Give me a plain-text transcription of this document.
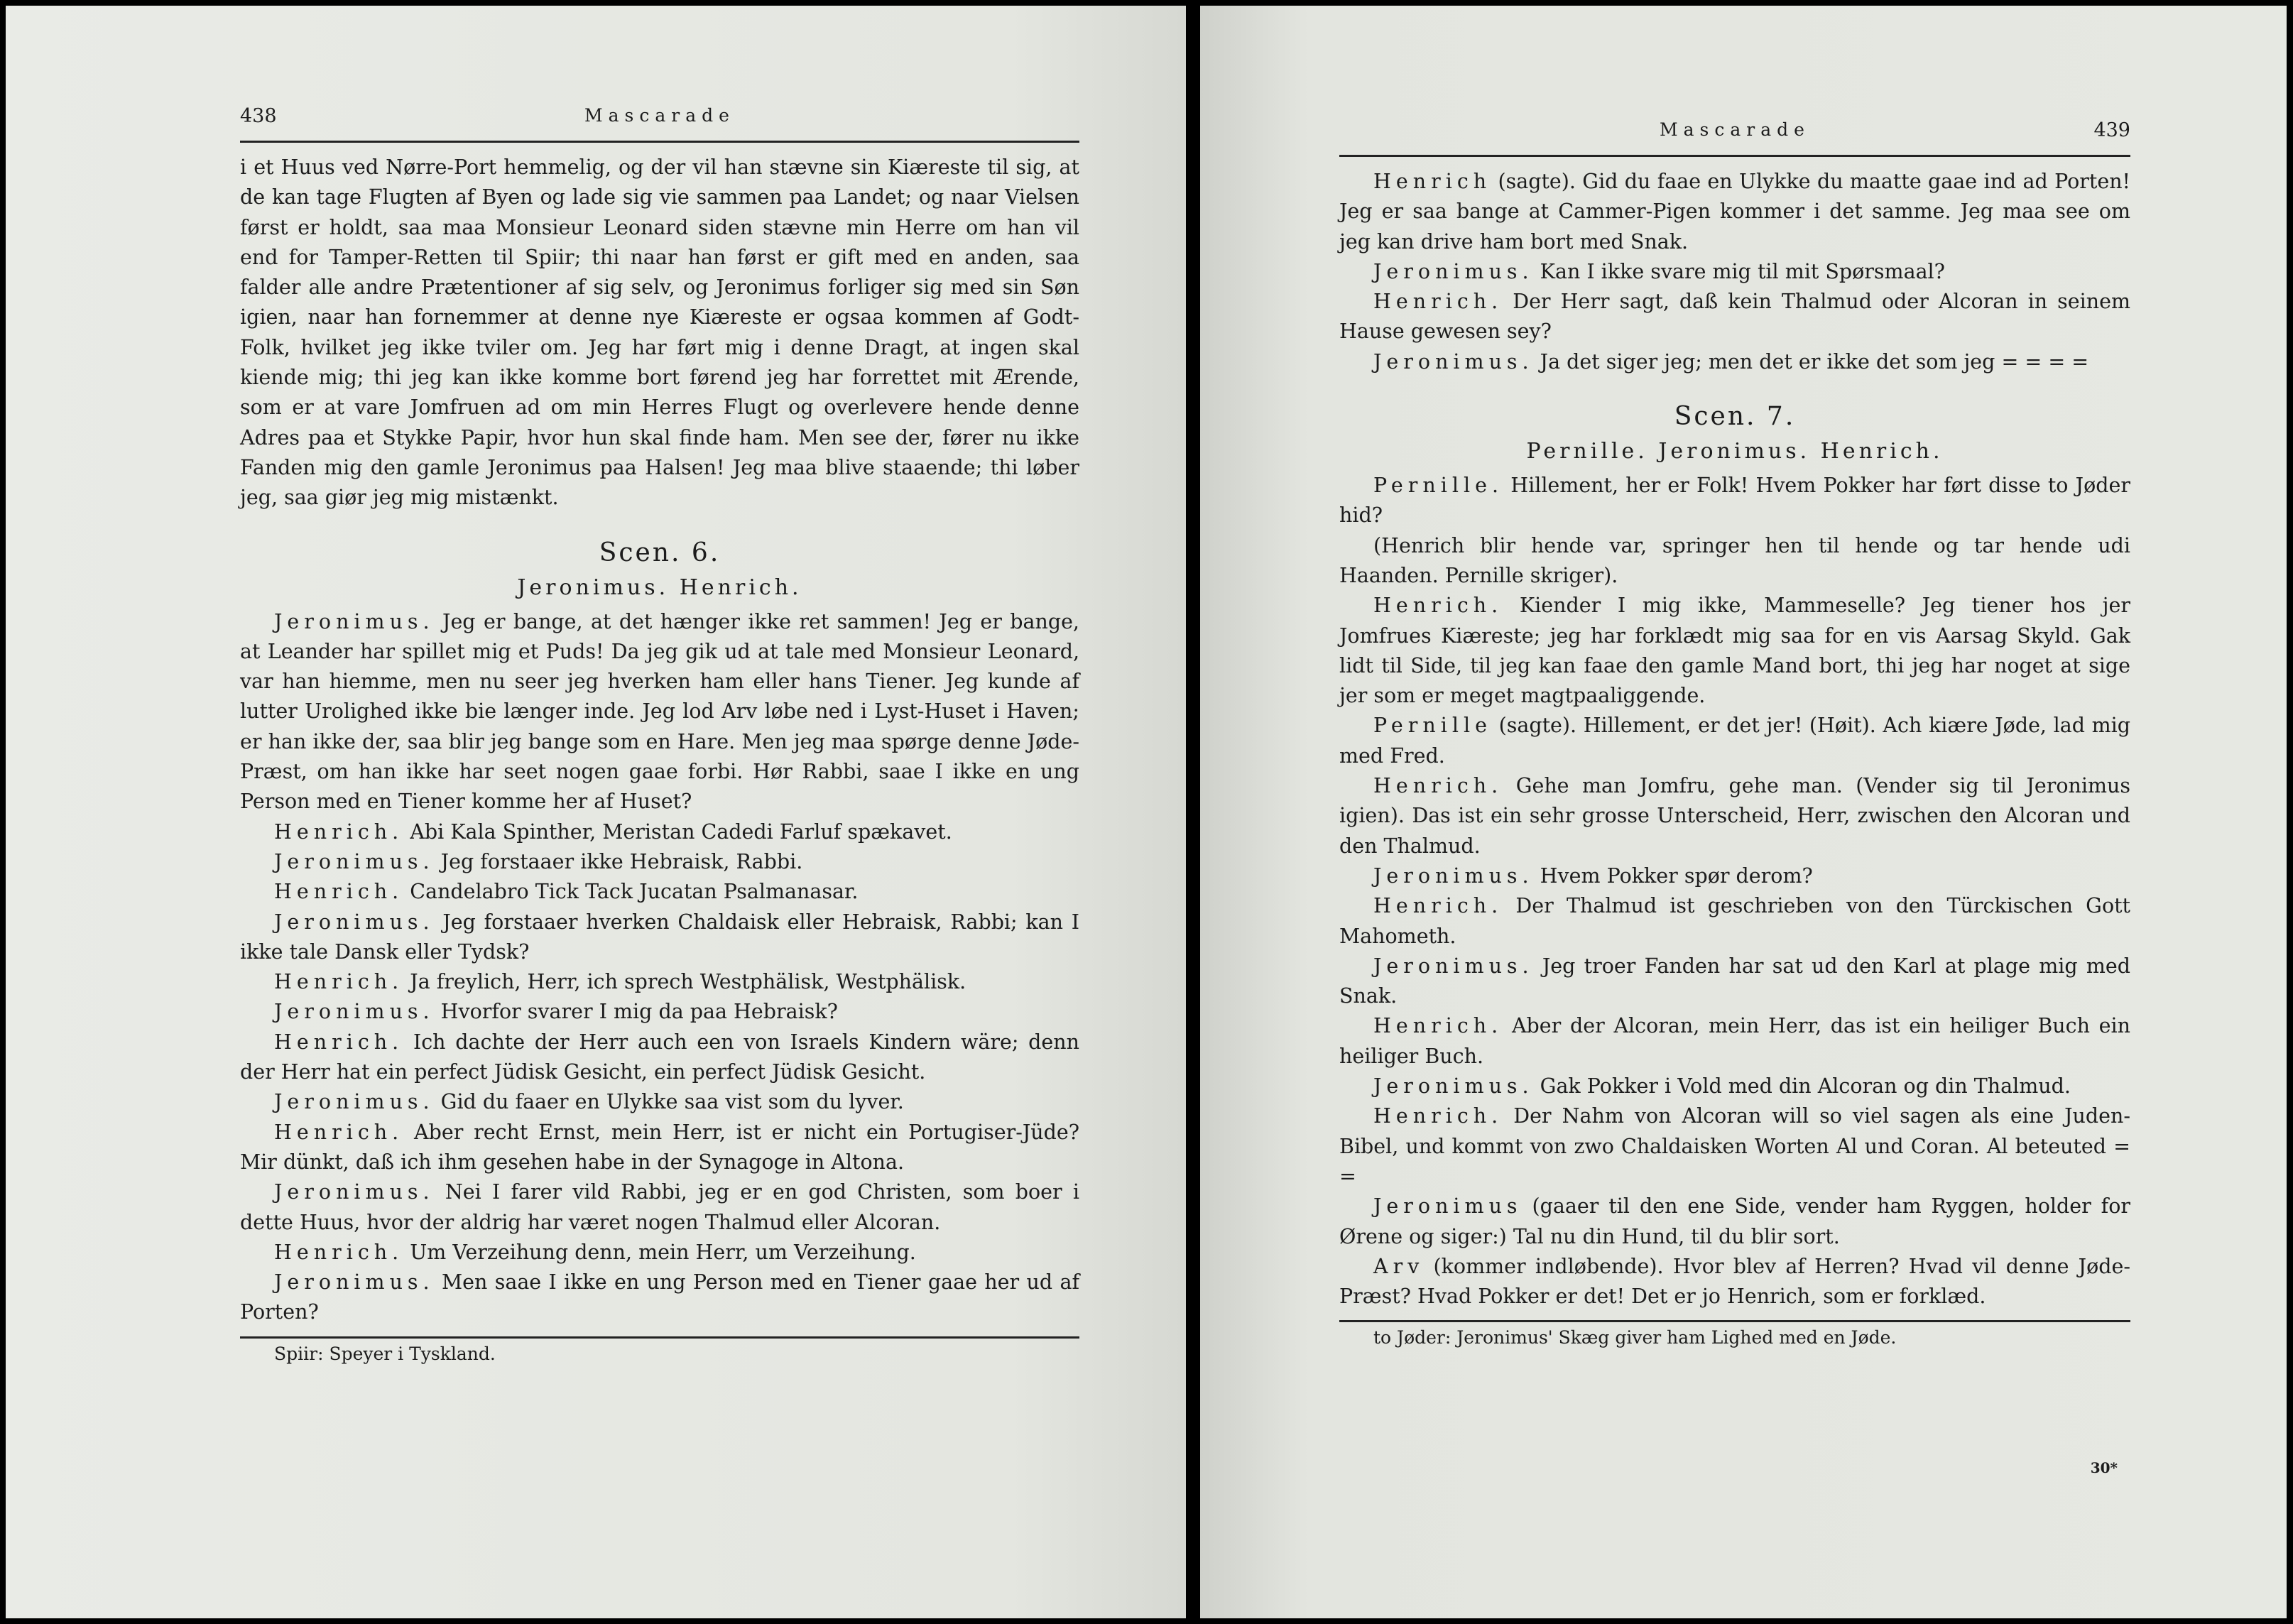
438	Mascarade

i et Huus ved Nørre-Port hemmelig, og der vil han stævne sin Kiæreste til sig, at de kan tage Flugten af Byen og lade sig vie sammen paa Landet; og naar Vielsen først er holdt, saa maa Monsieur Leonard siden stævne min Herre om han vil end for Tamper-Retten til Spiir; thi naar han først er gift med en anden, saa falder alle andre Prætentioner af sig selv, og Jeronimus forliger sig med sin Søn igien, naar han fornemmer at denne nye Kiæreste er ogsaa kommen af Godt-Folk, hvilket jeg ikke tviler om. Jeg har ført mig i denne Dragt, at ingen skal kiende mig; thi jeg kan ikke komme bort førend jeg har forrettet mit Ærende, som er at vare Jomfruen ad om min Herres Flugt og overlevere hende denne Adres paa et Stykke Papir, hvor hun skal finde ham. Men see der, fører nu ikke Fanden mig den gamle Jeronimus paa Halsen! Jeg maa blive staaende; thi løber jeg, saa giør jeg mig mistænkt.

Scen. 6.
Jeronimus. Henrich.

Jeronimus. Jeg er bange, at det hænger ikke ret sammen! Jeg er bange, at Leander har spillet mig et Puds! Da jeg gik ud at tale med Monsieur Leonard, var han hiemme, men nu seer jeg hverken ham eller hans Tiener. Jeg kunde af lutter Urolighed ikke bie længer inde. Jeg lod Arv løbe ned i Lyst-Huset i Haven; er han ikke der, saa blir jeg bange som en Hare. Men jeg maa spørge denne Jøde-Præst, om han ikke har seet nogen gaae forbi. Hør Rabbi, saae I ikke en ung Person med en Tiener komme her af Huset?

Henrich. Abi Kala Spinther, Meristan Cadedi Farluf spækavet.

Jeronimus. Jeg forstaaer ikke Hebraisk, Rabbi.

Henrich. Candelabro Tick Tack Jucatan Psalmanasar.

Jeronimus. Jeg forstaaer hverken Chaldaisk eller Hebraisk, Rabbi; kan I ikke tale Dansk eller Tydsk?

Henrich. Ja freylich, Herr, ich sprech Westphälisk, Westphälisk.

Jeronimus. Hvorfor svarer I mig da paa Hebraisk?

Henrich. Ich dachte der Herr auch een von Israels Kindern wäre; denn der Herr hat ein perfect Jüdisk Gesicht, ein perfect Jüdisk Gesicht.

Jeronimus. Gid du faaer en Ulykke saa vist som du lyver.

Henrich. Aber recht Ernst, mein Herr, ist er nicht ein Portugiser-Jüde? Mir dünkt, daß ich ihm gesehen habe in der Synagoge in Altona.

Jeronimus. Nei I farer vild Rabbi, jeg er en god Christen, som boer i dette Huus, hvor der aldrig har været nogen Thalmud eller Alcoran.

Henrich. Um Verzeihung denn, mein Herr, um Verzeihung.

Jeronimus. Men saae I ikke en ung Person med en Tiener gaae her ud af Porten?

Spiir: Speyer i Tyskland.
Mascarade	439

Henrich (sagte). Gid du faae en Ulykke du maatte gaae ind ad Porten! Jeg er saa bange at Cammer-Pigen kommer i det samme. Jeg maa see om jeg kan drive ham bort med Snak.

Jeronimus. Kan I ikke svare mig til mit Spørsmaal?

Henrich. Der Herr sagt, daß kein Thalmud oder Alcoran in seinem Hause gewesen sey?

Jeronimus. Ja det siger jeg; men det er ikke det som jeg = = = =

Scen. 7.
Pernille. Jeronimus. Henrich.

Pernille. Hillement, her er Folk! Hvem Pokker har ført disse to Jøder hid?

(Henrich blir hende var, springer hen til hende og tar hende udi Haanden. Pernille skriger).

Henrich. Kiender I mig ikke, Mammeselle? Jeg tiener hos jer Jomfrues Kiæreste; jeg har forklædt mig saa for en vis Aarsag Skyld. Gak lidt til Side, til jeg kan faae den gamle Mand bort, thi jeg har noget at sige jer som er meget magtpaaliggende.

Pernille (sagte). Hillement, er det jer! (Høit). Ach kiære Jøde, lad mig med Fred.

Henrich. Gehe man Jomfru, gehe man. (Vender sig til Jeronimus igien). Das ist ein sehr grosse Unterscheid, Herr, zwischen den Alcoran und den Thalmud.

Jeronimus. Hvem Pokker spør derom?

Henrich. Der Thalmud ist geschrieben von den Türckischen Gott Mahometh.

Jeronimus. Jeg troer Fanden har sat ud den Karl at plage mig med Snak.

Henrich. Aber der Alcoran, mein Herr, das ist ein heiliger Buch ein heiliger Buch.

Jeronimus. Gak Pokker i Vold med din Alcoran og din Thalmud.

Henrich. Der Nahm von Alcoran will so viel sagen als eine Juden-Bibel, und kommt von zwo Chaldaisken Worten Al und Coran. Al beteuted = =

Jeronimus (gaaer til den ene Side, vender ham Ryggen, holder for Ørene og siger:) Tal nu din Hund, til du blir sort.

Arv (kommer indløbende). Hvor blev af Herren? Hvad vil denne Jøde-Præst? Hvad Pokker er det! Det er jo Henrich, som er forklæd.

to Jøder: Jeronimus' Skæg giver ham Lighed med en Jøde.
30*
